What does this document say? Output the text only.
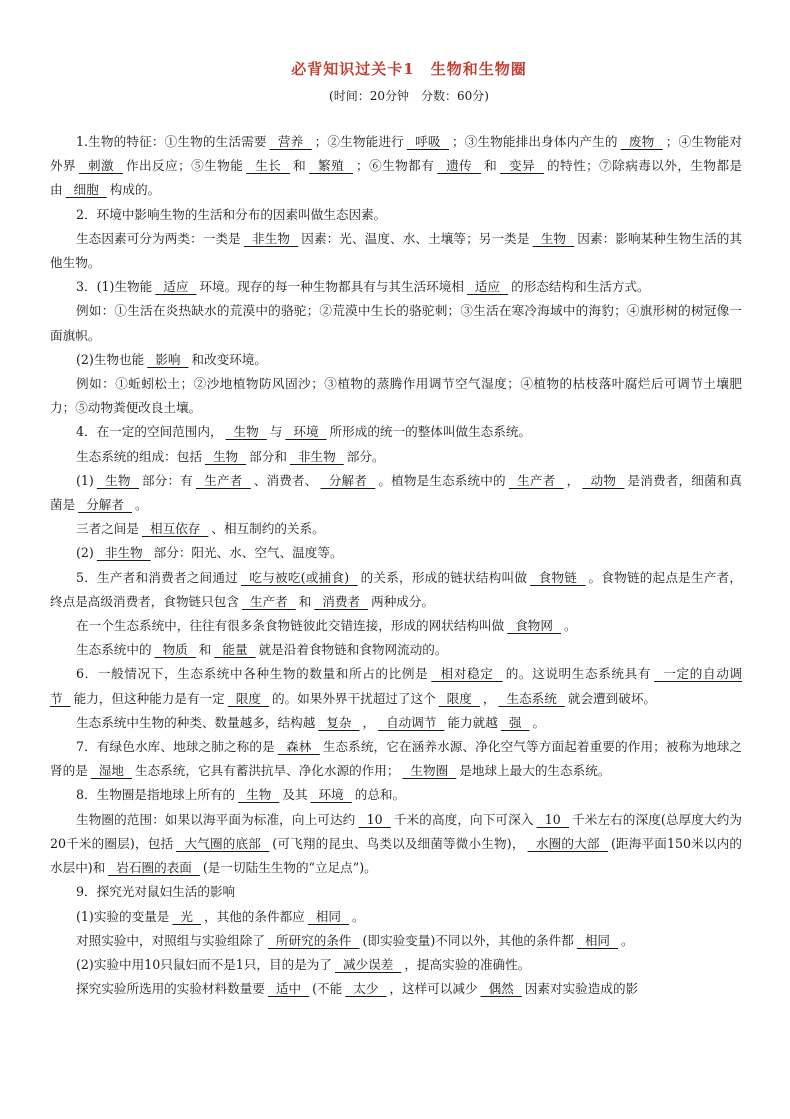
必背知识过关卡1　生物和生物圈
(时间：20分钟　分数：60分)

1.生物的特征：①生物的生活需要  营养  ；②生物能进行  呼吸  ；③生物能排出身体内产生的  废物  ；④生物能对外界  刺激  作出反应；⑤生物能  生长  和  繁殖  ；⑥生物都有  遗传  和  变异  的特性；⑦除病毒以外，生物都是由  细胞  构成的。

2．环境中影响生物的生活和分布的因素叫做生态因素。

生态因素可分为两类：一类是  非生物  因素：光、温度、水、土壤等；另一类是  生物  因素：影响某种生物生活的其他生物。

3．(1)生物能  适应  环境。现存的每一种生物都具有与其生活环境相  适应  的形态结构和生活方式。

例如：①生活在炎热缺水的荒漠中的骆驼；②荒漠中生长的骆驼刺；③生活在寒冷海域中的海豹；④旗形树的树冠像一面旗帜。

(2)生物也能  影响  和改变环境。

例如：①蚯蚓松土；②沙地植物防风固沙；③植物的蒸腾作用调节空气湿度；④植物的枯枝落叶腐烂后可调节土壤肥力；⑤动物粪便改良土壤。

4．在一定的空间范围内，  生物  与  环境  所形成的统一的整体叫做生态系统。

生态系统的组成：包括  生物  部分和  非生物  部分。

(1)  生物  部分：有  生产者  、消费者、  分解者  。植物是生态系统中的  生产者  ，  动物  是消费者，细菌和真菌是  分解者  。

三者之间是  相互依存  、相互制约的关系。

(2)  非生物  部分：阳光、水、空气、温度等。

5．生产者和消费者之间通过  吃与被吃(或捕食)  的关系，形成的链状结构叫做  食物链  。食物链的起点是生产者，终点是高级消费者，食物链只包含  生产者  和  消费者  两种成分。

在一个生态系统中，往往有很多条食物链彼此交错连接，形成的网状结构叫做  食物网  。

生态系统中的  物质  和  能量  就是沿着食物链和食物网流动的。

6．一般情况下，生态系统中各种生物的数量和所占的比例是  相对稳定  的。这说明生态系统具有  一定的自动调节  能力，但这种能力是有一定  限度  的。如果外界干扰超过了这个  限度  ，  生态系统  就会遭到破坏。

生态系统中生物的种类、数量越多，结构越  复杂  ，  自动调节  能力就越  强  。

7．有绿色水库、地球之肺之称的是  森林  生态系统，它在涵养水源、净化空气等方面起着重要的作用；被称为地球之肾的是  湿地  生态系统，它具有蓄洪抗旱、净化水源的作用；  生物圈  是地球上最大的生态系统。

8．生物圈是指地球上所有的  生物  及其  环境  的总和。

生物圈的范围：如果以海平面为标准，向上可达约  10  千米的高度，向下可深入  10  千米左右的深度(总厚度大约为20千米的圈层)，包括  大气圈的底部  (可飞翔的昆虫、鸟类以及细菌等微小生物)，  水圈的大部  (距海平面150米以内的水层中)和  岩石圈的表面  (是一切陆生生物的“立足点”)。

9．探究光对鼠妇生活的影响

(1)实验的变量是  光  ，其他的条件都应  相同  。

对照实验中，对照组与实验组除了  所研究的条件  (即实验变量)不同以外，其他的条件都  相同  。

(2)实验中用10只鼠妇而不是1只，目的是为了  减少误差  ，提高实验的准确性。

探究实验所选用的实验材料数量要  适中  (不能  太少  ，这样可以减少  偶然  因素对实验造成的影
